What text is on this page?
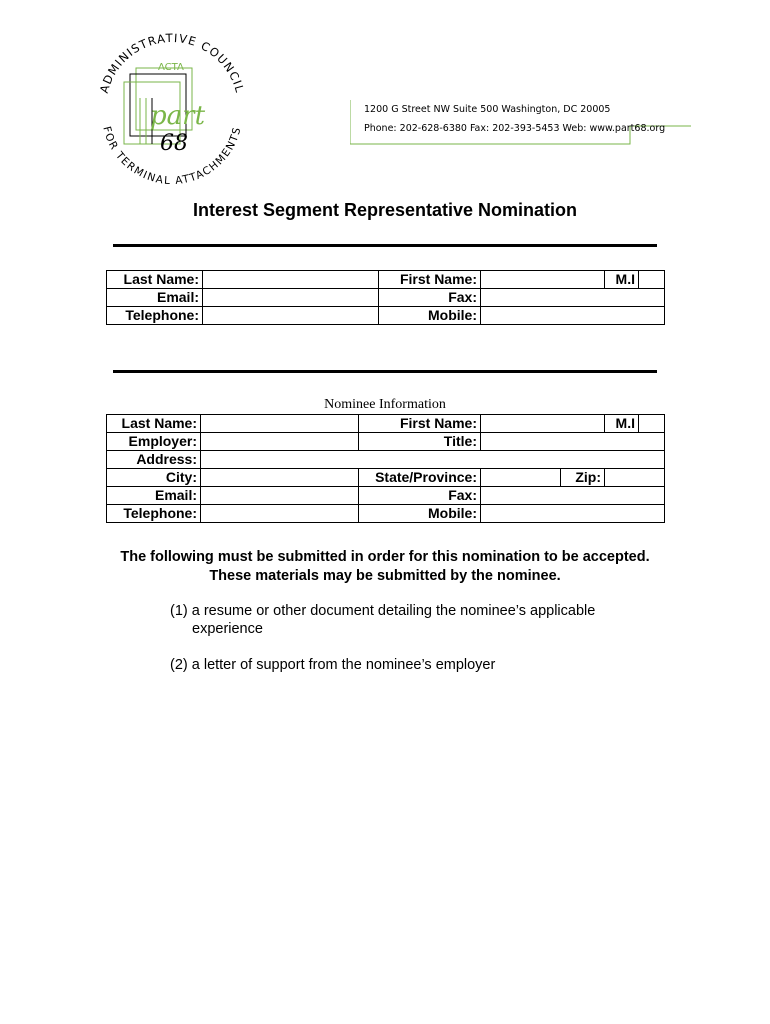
ADMINISTRATIVE COUNCIL
FOR TERMINAL ATTACHMENTS
ACTA
part
68
1200 G Street NW Suite 500 Washington, DC 20005
Phone: 202-628-6380 Fax: 202-393-5453 Web: www.part68.org
Interest Segment Representative Nomination
Last Name:		First Name:		M.I	
Email:		Fax:			
Telephone:		Mobile:			
Nominee Information
Last Name:		First Name:			M.I	
Employer:		Title:				
Address:						
City:		State/Province:		Zip:		
Email:		Fax:				
Telephone:		Mobile:				
The following must be submitted in order for this nomination to be accepted. These materials may be submitted by the nominee.
(1) a resume or other document detailing the nominee’s applicable experience
(2) a letter of support from the nominee’s employer
